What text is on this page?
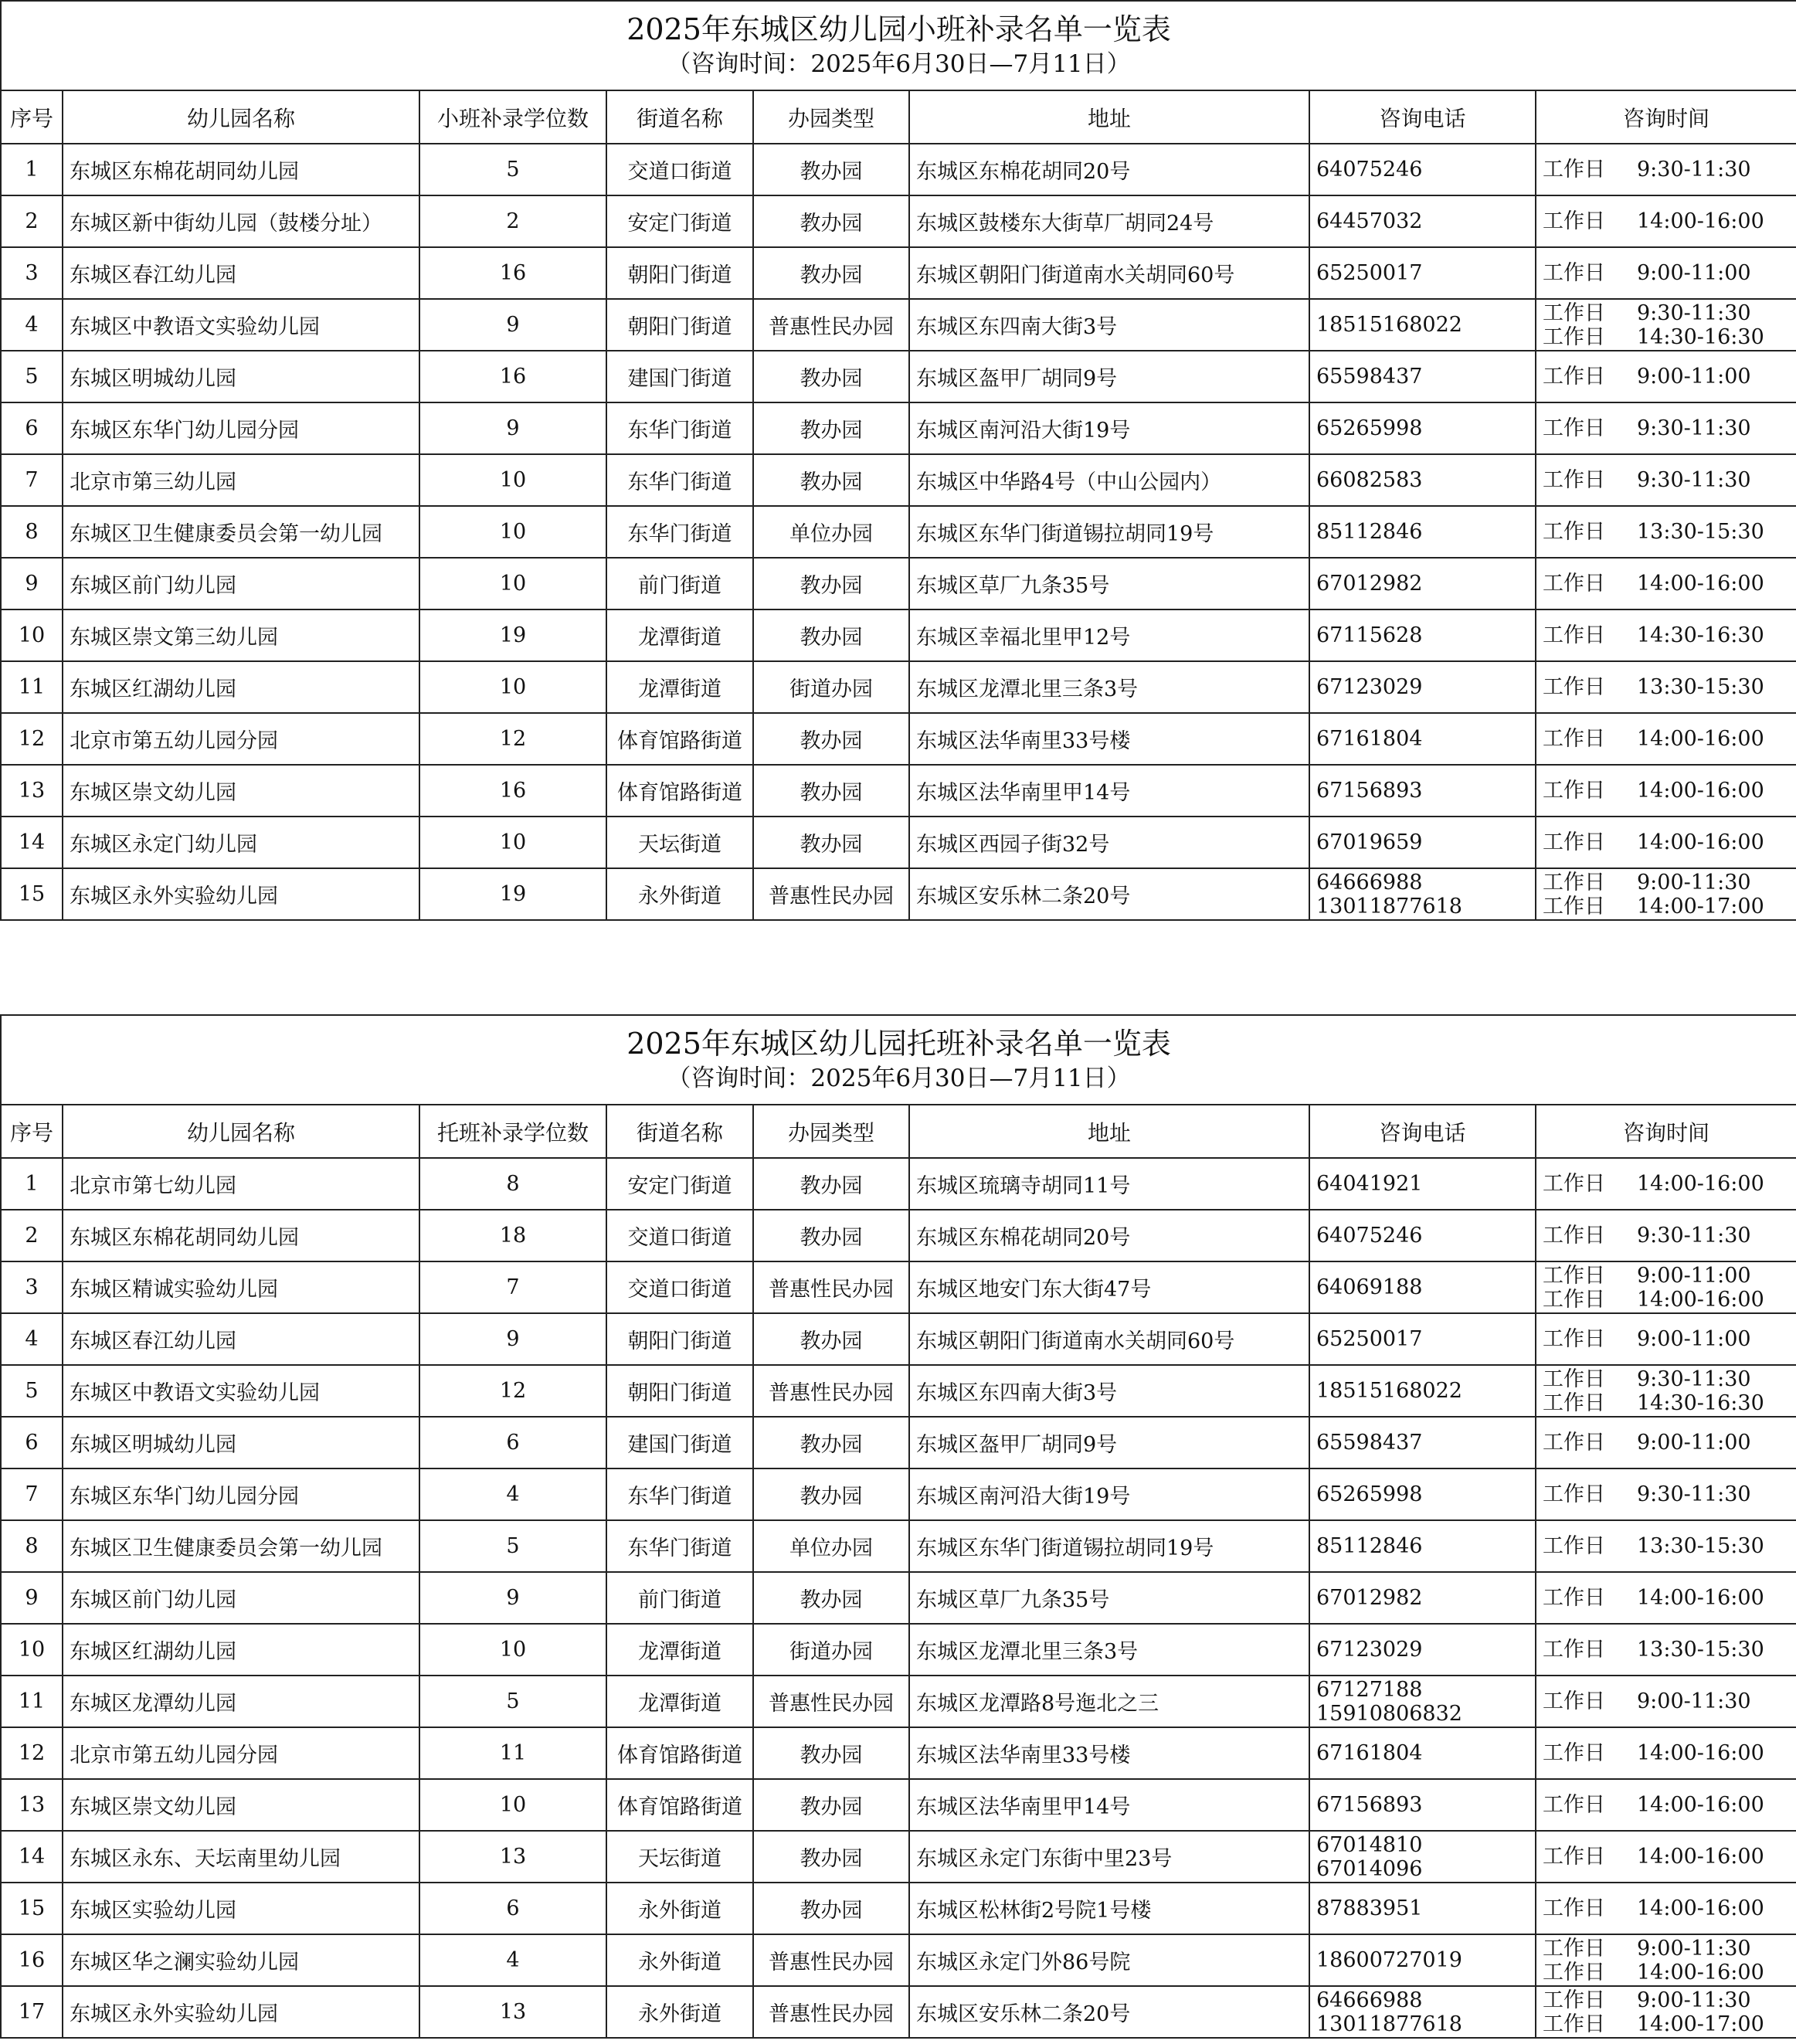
2025年东城区幼儿园小班补录名单一览表
（咨询时间：2025年6月30日—7月11日）							

序号	幼儿园名称	小班补录学位数	街道名称	办园类型	地址	咨询电话	咨询时间
1	东城区东棉花胡同幼儿园	5	交道口街道	教办园	东城区东棉花胡同20号	64075246	工作日 9:30-11:30

2	东城区新中街幼儿园（鼓楼分址）	2	安定门街道	教办园	东城区鼓楼东大街草厂胡同24号	64457032	工作日 14:00-16:00

3	东城区春江幼儿园	16	朝阳门街道	教办园	东城区朝阳门街道南水关胡同60号	65250017	工作日 9:00-11:00

4	东城区中教语文实验幼儿园	9	朝阳门街道	普惠性民办园	东城区东四南大街3号	18515168022	工作日 9:30-11:30
工作日 14:30-16:30

5	东城区明城幼儿园	16	建国门街道	教办园	东城区盔甲厂胡同9号	65598437	工作日 9:00-11:00

6	东城区东华门幼儿园分园	9	东华门街道	教办园	东城区南河沿大街19号	65265998	工作日 9:30-11:30

7	北京市第三幼儿园	10	东华门街道	教办园	东城区中华路4号（中山公园内）	66082583	工作日 9:30-11:30

8	东城区卫生健康委员会第一幼儿园	10	东华门街道	单位办园	东城区东华门街道锡拉胡同19号	85112846	工作日 13:30-15:30

9	东城区前门幼儿园	10	前门街道	教办园	东城区草厂九条35号	67012982	工作日 14:00-16:00

10	东城区崇文第三幼儿园	19	龙潭街道	教办园	东城区幸福北里甲12号	67115628	工作日 14:30-16:30

11	东城区红湖幼儿园	10	龙潭街道	街道办园	东城区龙潭北里三条3号	67123029	工作日 13:30-15:30

12	北京市第五幼儿园分园	12	体育馆路街道	教办园	东城区法华南里33号楼	67161804	工作日 14:00-16:00

13	东城区崇文幼儿园	16	体育馆路街道	教办园	东城区法华南里甲14号	67156893	工作日 14:00-16:00

14	东城区永定门幼儿园	10	天坛街道	教办园	东城区西园子街32号	67019659	工作日 14:00-16:00

15	东城区永外实验幼儿园	19	永外街道	普惠性民办园	东城区安乐林二条20号	64666988
13011877618	工作日 9:00-11:30
工作日 14:00-17:00
2025年东城区幼儿园托班补录名单一览表
（咨询时间：2025年6月30日—7月11日）							

序号	幼儿园名称	托班补录学位数	街道名称	办园类型	地址	咨询电话	咨询时间
1	北京市第七幼儿园	8	安定门街道	教办园	东城区琉璃寺胡同11号	64041921	工作日 14:00-16:00

2	东城区东棉花胡同幼儿园	18	交道口街道	教办园	东城区东棉花胡同20号	64075246	工作日 9:30-11:30

3	东城区精诚实验幼儿园	7	交道口街道	普惠性民办园	东城区地安门东大街47号	64069188	工作日 9:00-11:00
工作日 14:00-16:00

4	东城区春江幼儿园	9	朝阳门街道	教办园	东城区朝阳门街道南水关胡同60号	65250017	工作日 9:00-11:00

5	东城区中教语文实验幼儿园	12	朝阳门街道	普惠性民办园	东城区东四南大街3号	18515168022	工作日 9:30-11:30
工作日 14:30-16:30

6	东城区明城幼儿园	6	建国门街道	教办园	东城区盔甲厂胡同9号	65598437	工作日 9:00-11:00

7	东城区东华门幼儿园分园	4	东华门街道	教办园	东城区南河沿大街19号	65265998	工作日 9:30-11:30

8	东城区卫生健康委员会第一幼儿园	5	东华门街道	单位办园	东城区东华门街道锡拉胡同19号	85112846	工作日 13:30-15:30

9	东城区前门幼儿园	9	前门街道	教办园	东城区草厂九条35号	67012982	工作日 14:00-16:00

10	东城区红湖幼儿园	10	龙潭街道	街道办园	东城区龙潭北里三条3号	67123029	工作日 13:30-15:30

11	东城区龙潭幼儿园	5	龙潭街道	普惠性民办园	东城区龙潭路8号迤北之三	67127188
15910806832	工作日 9:00-11:30

12	北京市第五幼儿园分园	11	体育馆路街道	教办园	东城区法华南里33号楼	67161804	工作日 14:00-16:00

13	东城区崇文幼儿园	10	体育馆路街道	教办园	东城区法华南里甲14号	67156893	工作日 14:00-16:00

14	东城区永东、天坛南里幼儿园	13	天坛街道	教办园	东城区永定门东街中里23号	67014810
67014096	工作日 14:00-16:00

15	东城区实验幼儿园	6	永外街道	教办园	东城区松林街2号院1号楼	87883951	工作日 14:00-16:00

16	东城区华之澜实验幼儿园	4	永外街道	普惠性民办园	东城区永定门外86号院	18600727019	工作日 9:00-11:30
工作日 14:00-16:00

17	东城区永外实验幼儿园	13	永外街道	普惠性民办园	东城区安乐林二条20号	64666988
13011877618	工作日 9:00-11:30
工作日 14:00-17:00
